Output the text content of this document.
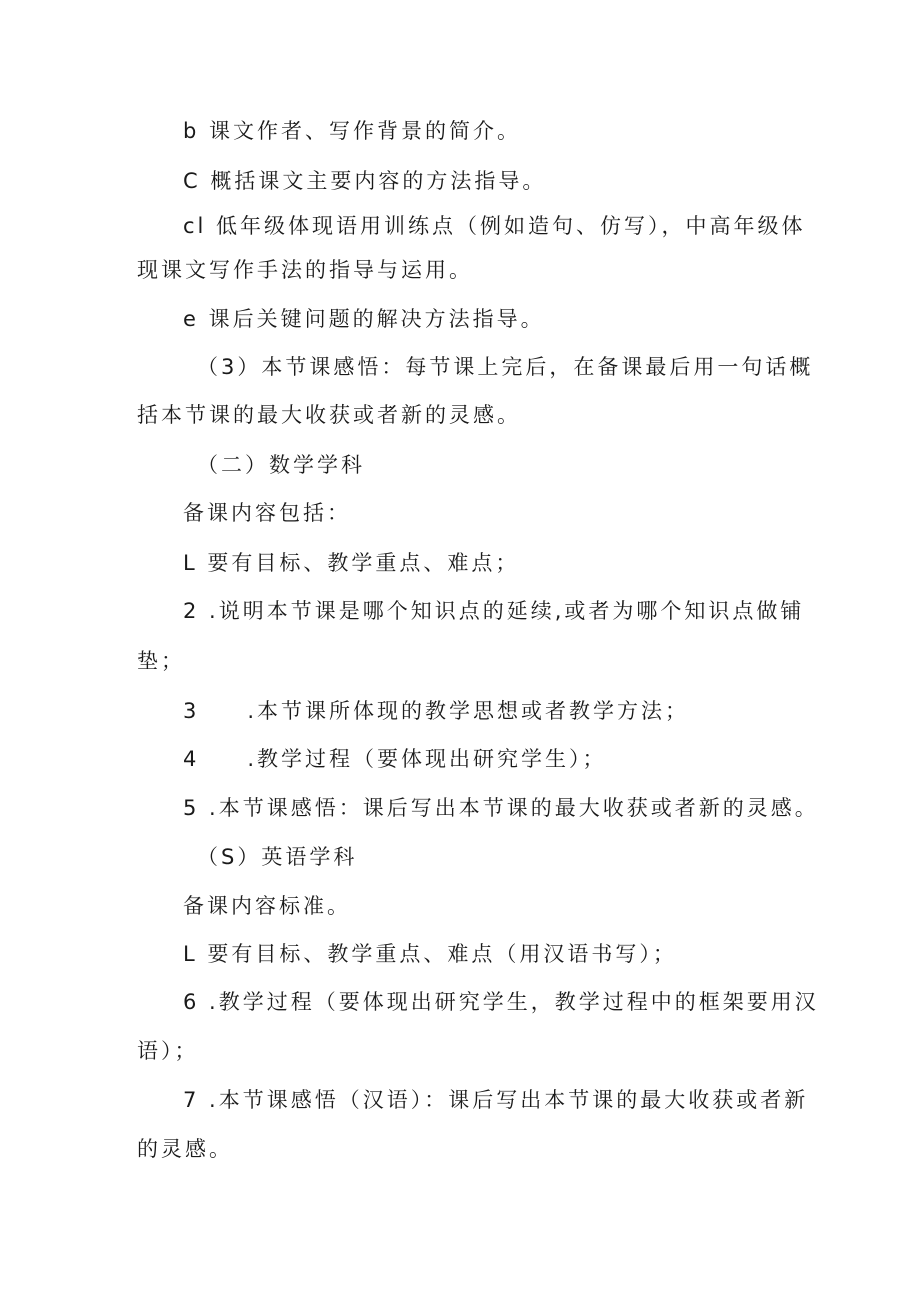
b 课文作者、写作背景的简介。
C 概括课文主要内容的方法指导。
cl 低年级体现语用训练点（例如造句、仿写），中高年级体
现课文写作手法的指导与运用。
e 课后关键问题的解决方法指导。
（3）本节课感悟：每节课上完后，在备课最后用一句话概
括本节课的最大收获或者新的灵感。
（二）数学学科
备课内容包括：
L 要有目标、教学重点、难点；
2 .说明本节课是哪个知识点的延续,或者为哪个知识点做铺
垫；
3　　.本节课所体现的教学思想或者教学方法；
4　　.教学过程（要体现出研究学生）；
5 .本节课感悟：课后写出本节课的最大收获或者新的灵感。
（S）英语学科
备课内容标准。
L 要有目标、教学重点、难点（用汉语书写）；
6 .教学过程（要体现出研究学生，教学过程中的框架要用汉
语）；
7 .本节课感悟（汉语）：课后写出本节课的最大收获或者新
的灵感。
